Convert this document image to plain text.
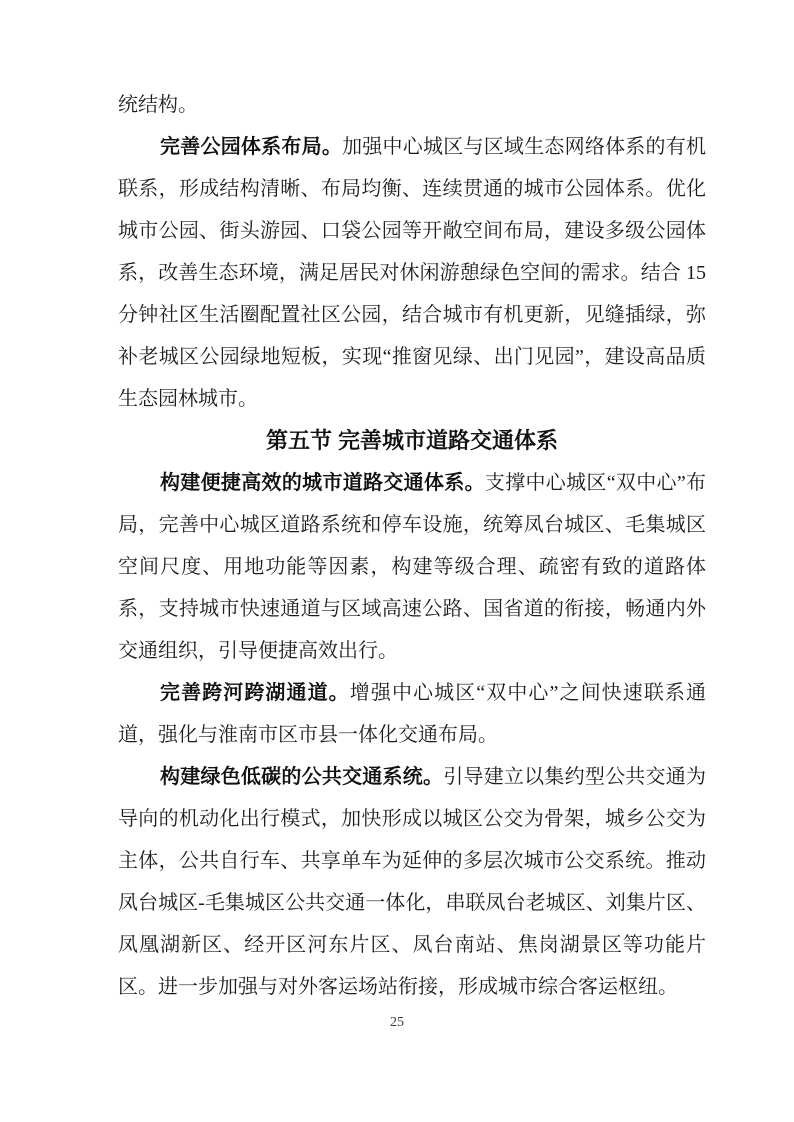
统结构。

完善公园体系布局。加强中心城区与区域生态网络体系的有机联系，形成结构清晰、布局均衡、连续贯通的城市公园体系。优化城市公园、街头游园、口袋公园等开敞空间布局，建设多级公园体系，改善生态环境，满足居民对休闲游憩绿色空间的需求。结合 15 分钟社区生活圈配置社区公园，结合城市有机更新，见缝插绿，弥补老城区公园绿地短板，实现“推窗见绿、出门见园”，建设高品质生态园林城市。

第五节 完善城市道路交通体系

构建便捷高效的城市道路交通体系。支撑中心城区“双中心”布局，完善中心城区道路系统和停车设施，统筹凤台城区、毛集城区空间尺度、用地功能等因素，构建等级合理、疏密有致的道路体系，支持城市快速通道与区域高速公路、国省道的衔接，畅通内外交通组织，引导便捷高效出行。

完善跨河跨湖通道。增强中心城区“双中心”之间快速联系通道，强化与淮南市区市县一体化交通布局。

构建绿色低碳的公共交通系统。引导建立以集约型公共交通为导向的机动化出行模式，加快形成以城区公交为骨架，城乡公交为主体，公共自行车、共享单车为延伸的多层次城市公交系统。推动凤台城区-毛集城区公共交通一体化，串联凤台老城区、刘集片区、凤凰湖新区、经开区河东片区、凤台南站、焦岗湖景区等功能片区。进一步加强与对外客运场站衔接，形成城市综合客运枢纽。

25
